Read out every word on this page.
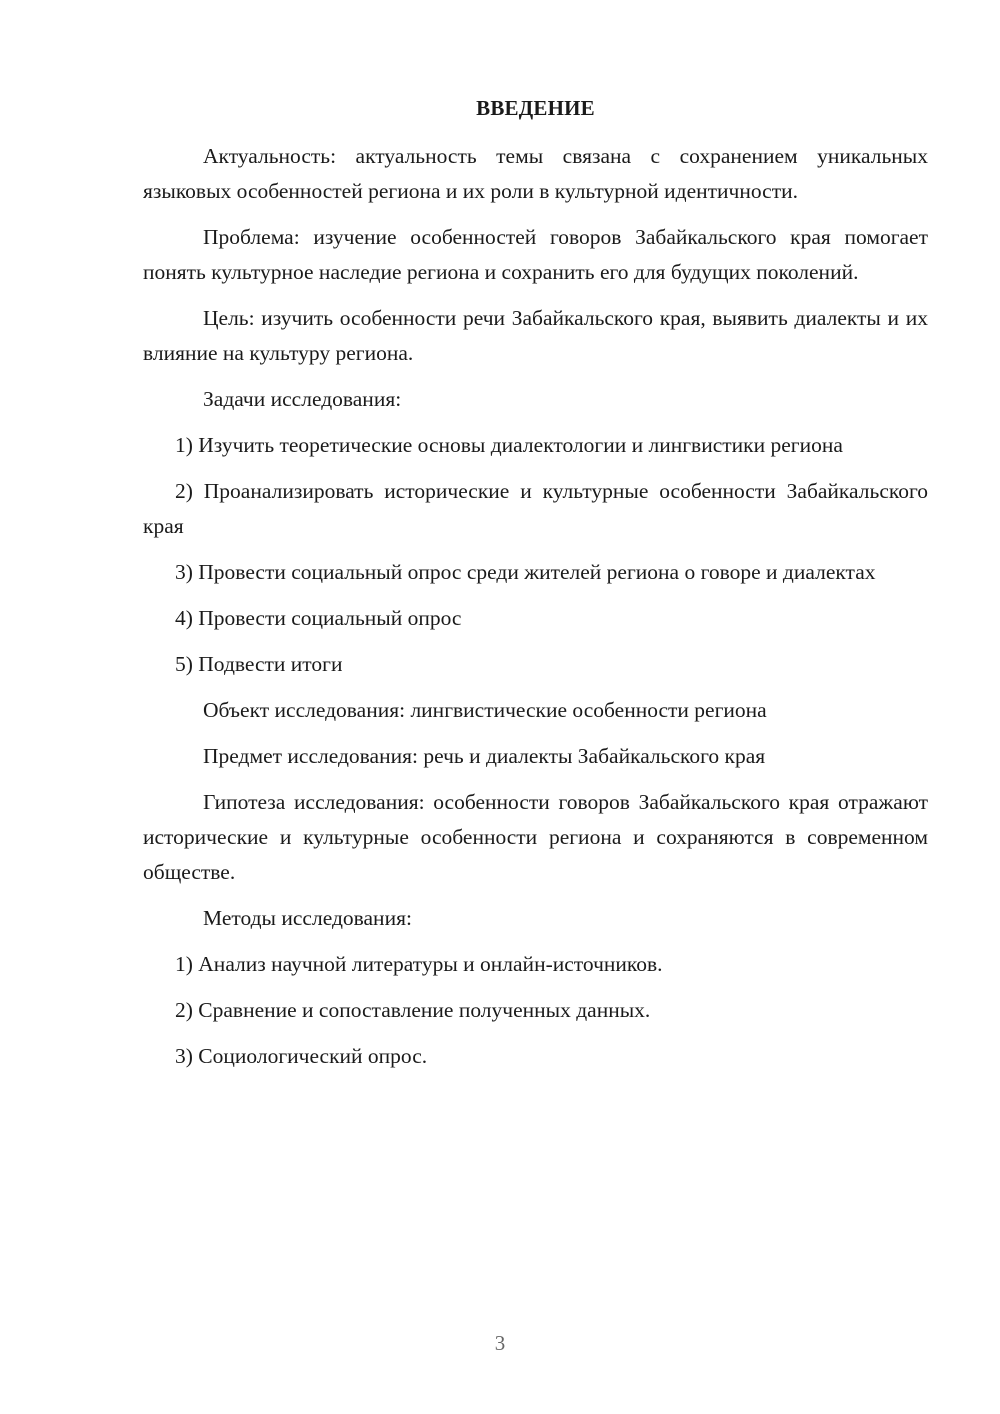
ВВЕДЕНИЕ
Актуальность: актуальность темы связана с сохранением уникальных языковых особенностей региона и их роли в культурной идентичности.
Проблема: изучение особенностей говоров Забайкальского края помогает понять культурное наследие региона и сохранить его для будущих поколений.
Цель: изучить особенности речи Забайкальского края, выявить диалекты и их влияние на культуру региона.
Задачи исследования:
1) Изучить теоретические основы диалектологии и лингвистики региона
2) Проанализировать исторические и культурные особенности Забайкальского края
3) Провести социальный опрос среди жителей региона о говоре и диалектах
4) Провести социальный опрос
5) Подвести итоги
Объект исследования: лингвистические особенности региона
Предмет исследования: речь и диалекты Забайкальского края
Гипотеза исследования: особенности говоров Забайкальского края отражают исторические и культурные особенности региона и сохраняются в современном обществе.
Методы исследования:
1) Анализ научной литературы и онлайн-источников.
2) Сравнение и сопоставление полученных данных.
3) Социологический опрос.
3
